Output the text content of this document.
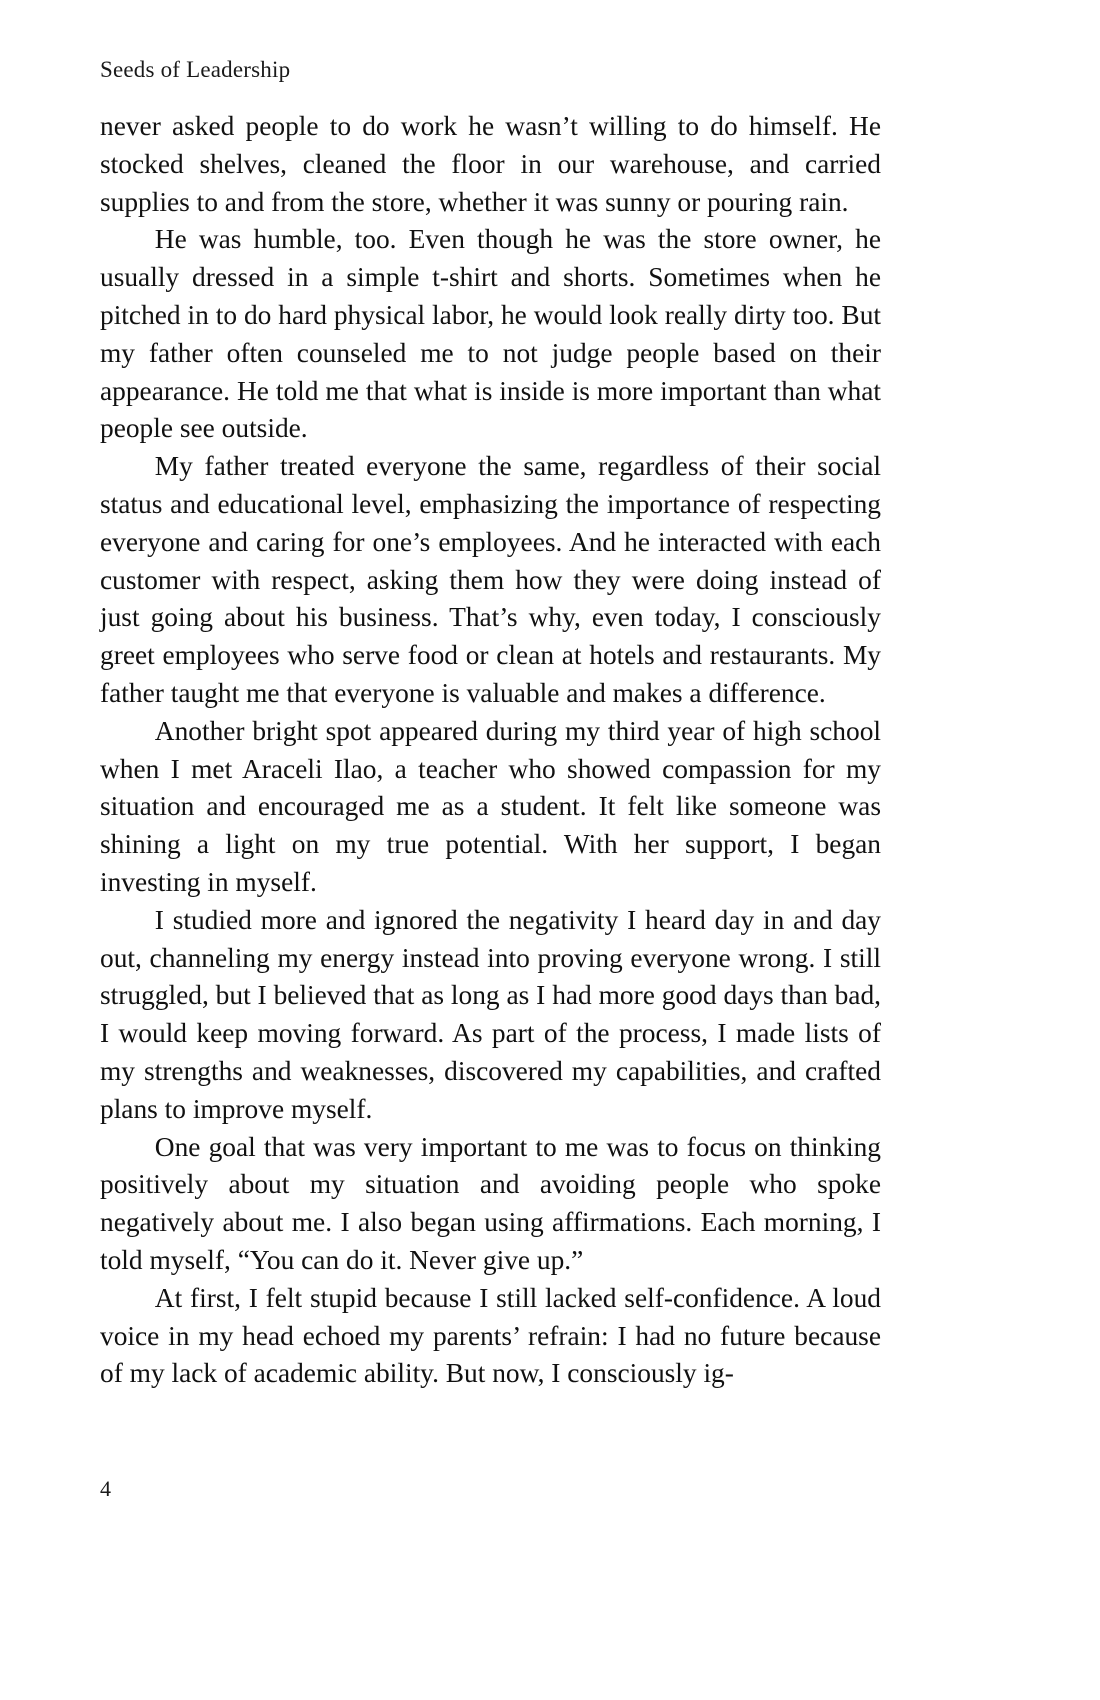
Seeds of Leadership

never asked people to do work he wasn’t willing to do himself. He stocked shelves, cleaned the floor in our warehouse, and carried supplies to and from the store, whether it was sunny or pouring rain.

He was humble, too. Even though he was the store owner, he usually dressed in a simple t-shirt and shorts. Sometimes when he pitched in to do hard physical labor, he would look really dirty too. But my father often counseled me to not judge people based on their appearance. He told me that what is inside is more important than what people see outside.

My father treated everyone the same, regardless of their social status and educational level, emphasizing the importance of respecting everyone and caring for one’s employees. And he interacted with each customer with respect, asking them how they were doing instead of just going about his business. That’s why, even today, I consciously greet employees who serve food or clean at hotels and restaurants. My father taught me that everyone is valuable and makes a difference.

Another bright spot appeared during my third year of high school when I met Araceli Ilao, a teacher who showed compassion for my situation and encouraged me as a student. It felt like someone was shining a light on my true potential. With her support, I began investing in myself.

I studied more and ignored the negativity I heard day in and day out, channeling my energy instead into proving everyone wrong. I still struggled, but I believed that as long as I had more good days than bad, I would keep moving forward. As part of the process, I made lists of my strengths and weaknesses, discovered my capabilities, and crafted plans to improve myself.

One goal that was very important to me was to focus on thinking positively about my situation and avoiding people who spoke negatively about me. I also began using affirmations. Each morning, I told myself, “You can do it. Never give up.”

At first, I felt stupid because I still lacked self-confidence. A loud voice in my head echoed my parents’ refrain: I had no future because of my lack of academic ability. But now, I consciously ig-

4
